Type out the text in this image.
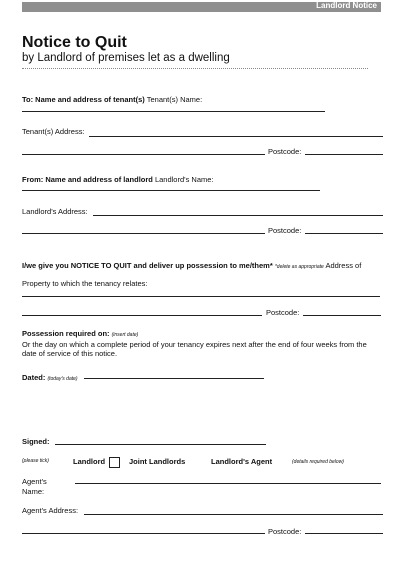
Landlord Notice
Notice to Quit
by Landlord of premises let as a dwelling
To: Name and address of tenant(s) Tenant(s) Name:
Tenant(s) Address:
Postcode:
From: Name and address of landlord Landlord's Name:
Landlord's Address:
Postcode:
I/we give you NOTICE TO QUIT and deliver up possession to me/them* *delete as appropriate Address of
Property to which the tenancy relates:
Postcode:
Possession required on: (insert date)
Or the day on which a complete period of your tenancy expires next after the end of four weeks from the
date of service of this notice.
Dated: (today's date)
Signed:
(please tick)	Landlord	Joint Landlords	Landlord's Agent	(details required below)
Agent's
Name:
Agent's Address:
Postcode:
